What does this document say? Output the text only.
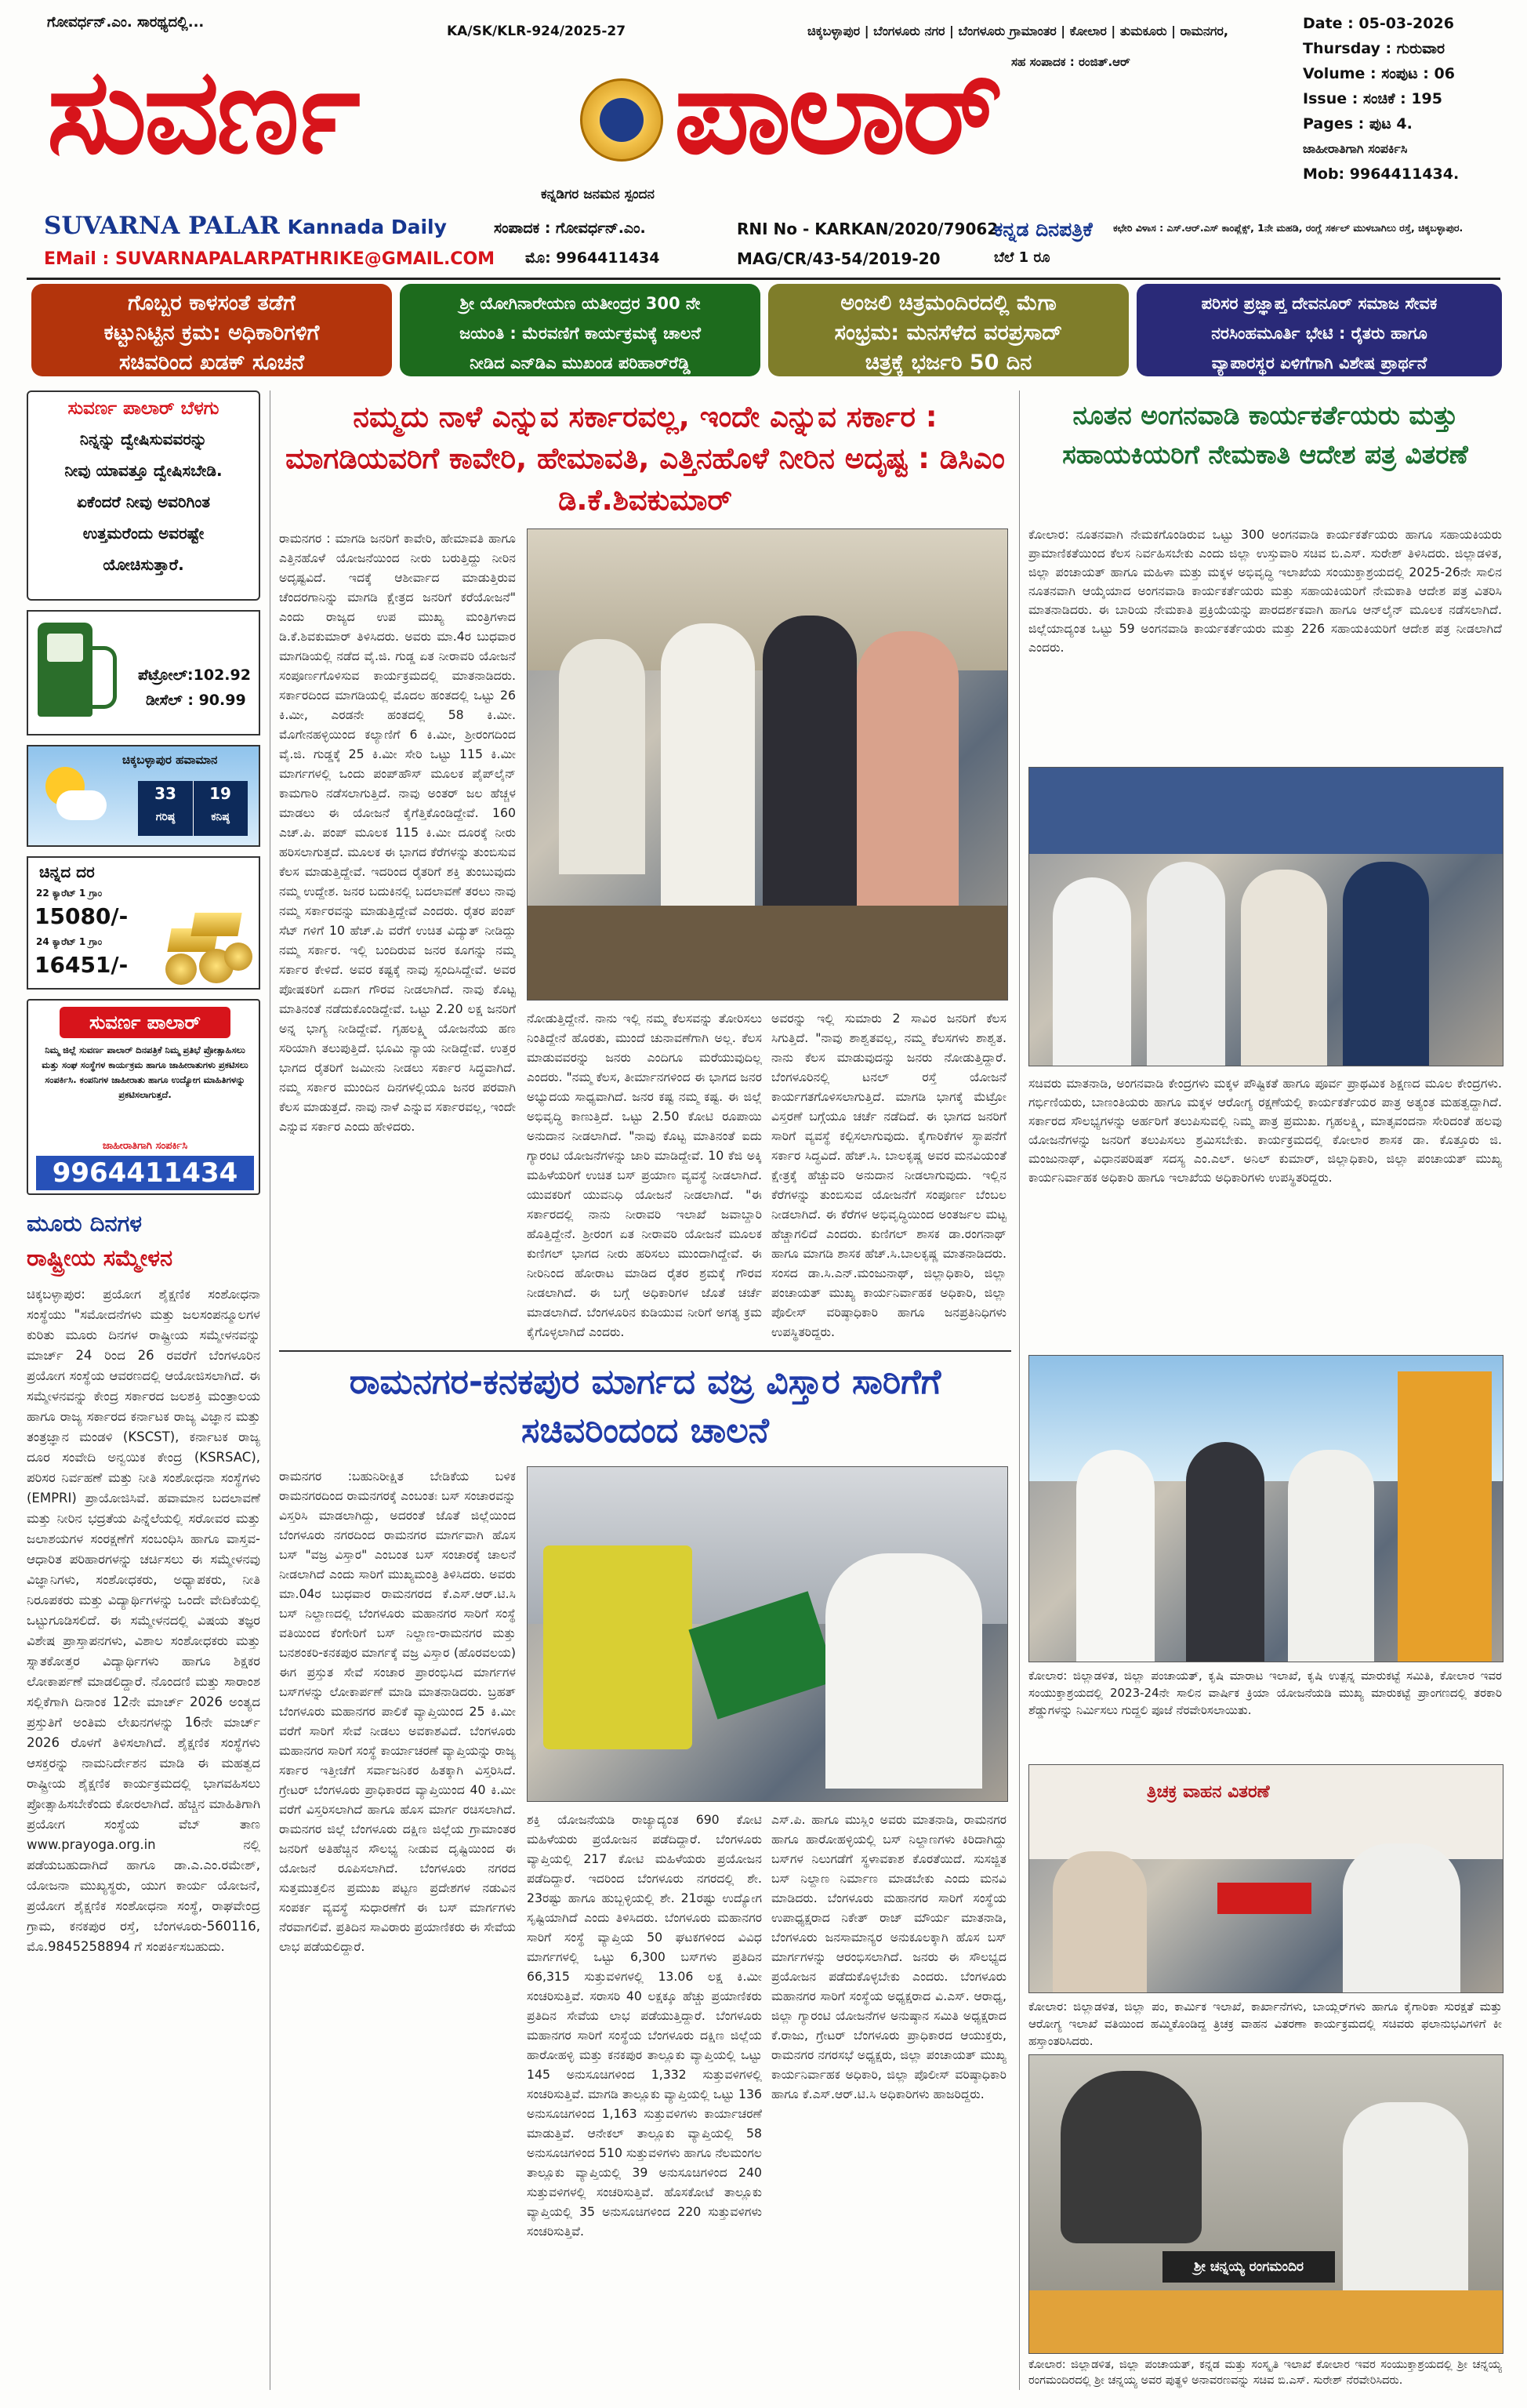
ಗೋವರ್ಧನ್.ಎಂ. ಸಾರಥ್ಯದಲ್ಲಿ...
KA/SK/KLR-924/2025-27	ಚಿಕ್ಕಬಳ್ಳಾಪುರ | ಬೆಂಗಳೂರು ನಗರ | ಬೆಂಗಳೂರು ಗ್ರಾಮಾಂತರ | ಕೋಲಾರ | ತುಮಕೂರು | ರಾಮನಗರ,
ಸಹ ಸಂಪಾದಕ : ರಂಜಿತ್.ಆರ್
ಸುವರ್ಣ	ಪಾಲಾರ್
ಕನ್ನಡಿಗರ ಜನಮನ ಸ್ಪಂದನ
Date : 05-03-2026
Thursday : ಗುರುವಾರ
Volume : ಸಂಪುಟ : 06
Issue : ಸಂಚಿಕೆ : 195
Pages : ಪುಟ 4.
ಜಾಹೀರಾತಿಗಾಗಿ ಸಂಪರ್ಕಿಸಿ
Mob: 9964411434.
SUVARNA PALAR Kannada Daily
EMail : SUVARNAPALARPATHRIKE@GMAIL.COM
ಸಂಪಾದಕ : ಗೋವರ್ಧನ್.ಎಂ.
ಮೊ: 9964411434
RNI No - KARKAN/2020/79062
MAG/CR/43-54/2019-20
ಕನ್ನಡ ದಿನಪತ್ರಿಕೆ
ಬೆಲೆ 1 ರೂ
ಕಛೇರಿ ವಿಳಾಸ : ಎಸ್.ಆರ್.ಎಸ್ ಕಾಂಪ್ಲೆಕ್ಸ್, 1ನೇ ಮಹಡಿ, ರಂಗ್ಲೆ ಸರ್ಕಲ್ ಮುಳಬಾಗಿಲು ರಸ್ತೆ, ಚಿಕ್ಕಬಳ್ಳಾಪುರ.
ಗೊಬ್ಬರ ಕಾಳಸಂತೆ ತಡೆಗೆ
ಕಟ್ಟುನಿಟ್ಟಿನ ಕ್ರಮ: ಅಧಿಕಾರಿಗಳಿಗೆ
ಸಚಿವರಿಂದ ಖಡಕ್ ಸೂಚನೆ
ಶ್ರೀ ಯೋಗಿನಾರೇಯಣ ಯತೀಂದ್ರರ 300 ನೇ
ಜಯಂತಿ : ಮೆರವಣಿಗೆ ಕಾರ್ಯಕ್ರಮಕ್ಕೆ ಚಾಲನೆ
ನೀಡಿದ ಎನ್‌ಡಿಎ ಮುಖಂಡ ಪರಿಹಾರ್‌ರೆಡ್ಡಿ
ಅಂಜಲಿ ಚಿತ್ರಮಂದಿರದಲ್ಲಿ ಮೆಗಾ
ಸಂಭ್ರಮ: ಮನಸೆಳೆದ ವರಪ್ರಸಾದ್
ಚಿತ್ರಕ್ಕೆ ಭರ್ಜರಿ 50 ದಿನ
ಪರಿಸರ ಪ್ರಜ್ಞಾಪ್ತ ದೇವನೂರ್ ಸಮಾಜ ಸೇವಕ
ನರಸಿಂಹಮೂರ್ತಿ ಭೇಟಿ : ರೈತರು ಹಾಗೂ
ವ್ಯಾಪಾರಸ್ಥರ ಏಳಿಗೆಗಾಗಿ ವಿಶೇಷ ಪ್ರಾರ್ಥನೆ
ಸುವರ್ಣ ಪಾಲಾರ್ ಬೆಳಗು
ನಿನ್ನನ್ನು ದ್ವೇಷಿಸುವವರನ್ನು
ನೀವು ಯಾವತ್ತೂ ದ್ವೇಷಿಸಬೇಡಿ.
ಏಕೆಂದರೆ ನೀವು ಅವರಿಗಿಂತ
ಉತ್ತಮರೆಂದು ಅವರಷ್ಟೇ
ಯೋಚಿಸುತ್ತಾರೆ.
ಪೆಟ್ರೋಲ್:102.92
ಡೀಸೆಲ್ : 90.99
ಚಿಕ್ಕಬಳ್ಳಾಪುರ ಹವಾಮಾನ
33	19
ಗರಿಷ್ಠ	ಕನಿಷ್ಠ
ಚಿನ್ನದ ದರ
22 ಕ್ಯಾರೆಟ್ 1 ಗ್ರಾಂ
15080/-
24 ಕ್ಯಾರೆಟ್ 1 ಗ್ರಾಂ
16451/-
ಸುವರ್ಣ ಪಾಲಾರ್
ನಿಮ್ಮ ಜಿಲ್ಲೆ ಸುವರ್ಣ ಪಾಲಾರ್ ದಿನಪತ್ರಿಕೆ ನಿಮ್ಮ ಪ್ರತಿಭೆ ಪ್ರೋತ್ಸಾಹಿಸಲು ಮತ್ತು ಸಂಘ ಸಂಸ್ಥೆಗಳ ಕಾರ್ಯಕ್ರಮ ಹಾಗೂ ಜಾಹೀರಾತುಗಳು ಪ್ರಕಟಿಸಲು ಸಂಪರ್ಕಿಸಿ. ಕಂಪನಿಗಳ ಜಾಹೀರಾತು ಹಾಗೂ ಉದ್ಯೋಗ ಮಾಹಿತಿಗಳನ್ನು ಪ್ರಕಟಿಸಲಾಗುತ್ತದೆ.
ಜಾಹೀರಾತಿಗಾಗಿ ಸಂಪರ್ಕಿಸಿ
9964411434
ಮೂರು ದಿನಗಳ
ರಾಷ್ಟ್ರೀಯ ಸಮ್ಮೇಳನ
ಚಿಕ್ಕಬಳ್ಳಾಪುರ: ಪ್ರಯೋಗ ಶೈಕ್ಷಣಿಕ ಸಂಶೋಧನಾ ಸಂಸ್ಥೆಯು "ಸಮೋದನೆಗಳು ಮತ್ತು ಜಲಸಂಪನ್ಮೂಲಗಳ ಕುರಿತು ಮೂರು ದಿನಗಳ ರಾಷ್ಟ್ರೀಯ ಸಮ್ಮೇಳನವನ್ನು ಮಾರ್ಚ್ 24 ರಿಂದ 26 ರವರೆಗೆ ಬೆಂಗಳೂರಿನ ಪ್ರಯೋಗ ಸಂಸ್ಥೆಯ ಆವರಣದಲ್ಲಿ ಆಯೋಜಿಸಲಾಗಿದೆ. ಈ ಸಮ್ಮೇಳನವನ್ನು ಕೇಂದ್ರ ಸರ್ಕಾರದ ಜಲಶಕ್ತಿ ಮಂತ್ರಾಲಯ ಹಾಗೂ ರಾಜ್ಯ ಸರ್ಕಾರದ ಕರ್ನಾಟಕ ರಾಜ್ಯ ವಿಜ್ಞಾನ ಮತ್ತು ತಂತ್ರಜ್ಞಾನ ಮಂಡಳಿ (KSCST), ಕರ್ನಾಟಕ ರಾಜ್ಯ ದೂರ ಸಂವೇದಿ ಅನ್ವಯಿಕ ಕೇಂದ್ರ (KSRSAC), ಪರಿಸರ ನಿರ್ವಹಣೆ ಮತ್ತು ನೀತಿ ಸಂಶೋಧನಾ ಸಂಸ್ಥೆಗಳು (EMPRI) ಪ್ರಾಯೋಜಿಸಿವೆ. ಹವಾಮಾನ ಬದಲಾವಣೆ ಮತ್ತು ನೀರಿನ ಭದ್ರತೆಯ ಪಿನ್ನೆಲೆಯಲ್ಲಿ ಸರೋವರ ಮತ್ತು ಜಲಾಶಯಗಳ ಸಂರಕ್ಷಣೆಗೆ ಸಂಬಂಧಿಸಿ ಹಾಗೂ ವಾಸ್ತವ-ಆಧಾರಿತ ಪರಿಹಾರಗಳನ್ನು ಚರ್ಚಿಸಲು ಈ ಸಮ್ಮೇಳನವು ವಿಜ್ಞಾನಿಗಳು, ಸಂಶೋಧಕರು, ಅಧ್ಯಾಪಕರು, ನೀತಿ ನಿರೂಪಕರು ಮತ್ತು ವಿದ್ಯಾರ್ಥಿಗಳನ್ನು ಒಂದೇ ವೇದಿಕೆಯಲ್ಲಿ ಒಟ್ಟುಗೂಡಿಸಲಿದೆ. ಈ ಸಮ್ಮೇಳನದಲ್ಲಿ ವಿಷಯ ತಜ್ಞರ ವಿಶೇಷ ಪ್ರಾಸ್ತಾಪನಗಳು, ವಿಶಾಲ ಸಂಶೋಧಕರು ಮತ್ತು ಸ್ನಾತಕೋತ್ತರ ವಿದ್ಯಾರ್ಥಿಗಳು ಹಾಗೂ ಶಿಕ್ಷಕರ ಲೋಕಾರ್ಪಣೆ ಮಾಡಲಿದ್ದಾರೆ. ನೊಂದಣಿ ಮತ್ತು ಸಾರಾಂಶ ಸಲ್ಲಿಕೆಗಾಗಿ ದಿನಾಂಕ 12ನೇ ಮಾರ್ಚ್ 2026 ಅಂತ್ಯದ ಪ್ರಸ್ತುತಿಗೆ ಅಂತಿಮ ಲೇಖನಗಳನ್ನು 16ನೇ ಮಾರ್ಚ್ 2026 ರೊಳಗೆ ತಿಳಿಸಲಾಗಿದೆ. ಶೈಕ್ಷಣಿಕ ಸಂಸ್ಥೆಗಳು ಆಸಕ್ತರನ್ನು ನಾಮನಿರ್ದೇಶನ ಮಾಡಿ ಈ ಮಹತ್ವದ ರಾಷ್ಟ್ರೀಯ ಶೈಕ್ಷಣಿಕ ಕಾರ್ಯಕ್ರಮದಲ್ಲಿ ಭಾಗವಹಿಸಲು ಪ್ರೋತ್ಸಾಹಿಸಬೇಕೆಂದು ಕೋರಲಾಗಿದೆ. ಹೆಚ್ಚಿನ ಮಾಹಿತಿಗಾಗಿ ಪ್ರಯೋಗ ಸಂಸ್ಥೆಯ ವೆಬ್ ತಾಣ www.prayoga.org.in ನಲ್ಲಿ ಪಡೆಯಬಹುದಾಗಿದೆ ಹಾಗೂ ಡಾ.ಎ.ಎಂ.ರಮೇಶ್, ಯೋಜನಾ ಮುಖ್ಯಸ್ಥರು, ಯುಗ ಕಾರ್ಯ ಯೋಜನೆ, ಪ್ರಯೋಗ ಶೈಕ್ಷಣಿಕ ಸಂಶೋಧನಾ ಸಂಸ್ಥೆ, ರಾಘವೇಂದ್ರ ಗ್ರಾಮ, ಕನಕಪುರ ರಸ್ತೆ, ಬೆಂಗಳೂರು-560116, ಮೊ.9845258894 ಗೆ ಸಂಪರ್ಕಿಸಬಹುದು.
ನಮ್ಮದು ನಾಳೆ ಎನ್ನುವ ಸರ್ಕಾರವಲ್ಲ, ಇಂದೇ ಎನ್ನುವ ಸರ್ಕಾರ : ಮಾಗಡಿಯವರಿಗೆ ಕಾವೇರಿ, ಹೇಮಾವತಿ, ಎತ್ತಿನಹೊಳೆ ನೀರಿನ ಅದೃಷ್ಟ : ಡಿಸಿಎಂ ಡಿ.ಕೆ.ಶಿವಕುಮಾರ್
ರಾಮನಗರ : ಮಾಗಡಿ ಜನರಿಗೆ ಕಾವೇರಿ, ಹೇಮಾವತಿ ಹಾಗೂ ಎತ್ತಿನಹೊಳೆ ಯೋಜನೆಯಿಂದ ನೀರು ಬರುತ್ತಿದ್ದು ನೀರಿನ ಅದೃಷ್ಟವಿದೆ. ಇದಕ್ಕೆ ಆಶೀರ್ವಾದ ಮಾಡುತ್ತಿರುವ ಚೆಂದರಗಾನಿನ್ನು ಮಾಗಡಿ ಕ್ಷೇತ್ರದ ಜನರಿಗೆ ಕರೆಯೋಜನೆ" ಎಂದು ರಾಜ್ಯದ ಉಪ ಮುಖ್ಯ ಮಂತ್ರಿಗಳಾದ ಡಿ.ಕೆ.ಶಿವಕುಮಾರ್ ತಿಳಿಸಿದರು. ಅವರು ಮಾ.4ರ ಬುಧವಾರ ಮಾಗಡಿಯಲ್ಲಿ ನಡೆದ ವೈ.ಜಿ. ಗುಡ್ಡ ಏತ ನೀರಾವರಿ ಯೋಜನೆ ಸಂಪೂರ್ಣಗೊಳಿಸುವ ಕಾರ್ಯಕ್ರಮದಲ್ಲಿ ಮಾತನಾಡಿದರು. ಸರ್ಕಾರದಿಂದ ಮಾಗಡಿಯಲ್ಲಿ ಮೊದಲ ಹಂತದಲ್ಲಿ ಒಟ್ಟು 26 ಕಿ.ಮೀ, ಎರಡನೇ ಹಂತದಲ್ಲಿ 58 ಕಿ.ಮೀ. ಮೊಗೇನಹಳ್ಳಿಯಿಂದ ಕಲ್ಯಾಣಿಗೆ 6 ಕಿ.ಮೀ, ಶ್ರೀರಂಗದಿಂದ ವೈ.ಜಿ. ಗುಡ್ಡಕ್ಕೆ 25 ಕಿ.ಮೀ ಸೇರಿ ಒಟ್ಟು 115 ಕಿ.ಮೀ ಮಾರ್ಗಗಳಲ್ಲಿ ಒಂದು ಪಂಪ್‌ಹೌಸ್ ಮೂಲಕ ಪೈಪ್‌ಲೈನ್ ಕಾಮಗಾರಿ ನಡೆಸಲಾಗುತ್ತಿದೆ. ನಾವು ಅಂತರ್ ಜಲ ಹೆಚ್ಚಳ ಮಾಡಲು ಈ ಯೋಜನೆ ಕೈಗೆತ್ತಿಕೊಂಡಿದ್ದೇವೆ. 160 ಎಚ್.ಪಿ. ಪಂಪ್ ಮೂಲಕ 115 ಕಿ.ಮೀ ದೂರಕ್ಕೆ ನೀರು ಹರಿಸಲಾಗುತ್ತದೆ. ಮೂಲಕ ಈ ಭಾಗದ ಕೆರೆಗಳನ್ನು ತುಂಬಿಸುವ ಕೆಲಸ ಮಾಡುತ್ತಿದ್ದೇವೆ. ಇದರಿಂದ ರೈತರಿಗೆ ಶಕ್ತಿ ತುಂಬುವುದು ನಮ್ಮ ಉದ್ದೇಶ. ಜನರ ಬದುಕಿನಲ್ಲಿ ಬದಲಾವಣೆ ತರಲು ನಾವು ನಮ್ಮ ಸರ್ಕಾರವನ್ನು ಮಾಡುತ್ತಿದ್ದೇವೆ ಎಂದರು. ರೈತರ ಪಂಪ್ ಸೆಟ್ ಗಳಿಗೆ 10 ಹೆಚ್.ಪಿ ವರೆಗೆ ಉಚಿತ ವಿದ್ಯುತ್ ನೀಡಿದ್ದು ನಮ್ಮ ಸರ್ಕಾರ. ಇಲ್ಲಿ ಬಂದಿರುವ ಜನರ ಕೂಗನ್ನು ನಮ್ಮ ಸರ್ಕಾರ ಕೇಳಿದೆ. ಅವರ ಕಷ್ಟಕ್ಕೆ ನಾವು ಸ್ಪಂದಿಸಿದ್ದೇವೆ. ಅವರ ಪೋಷಕರಿಗೆ ಏದಾಗ ಗೌರವ ನೀಡಲಾಗಿದೆ. ನಾವು ಕೊಟ್ಟ ಮಾತಿನಂತೆ ನಡೆದುಕೊಂಡಿದ್ದೇವೆ. ಒಟ್ಟು 2.20 ಲಕ್ಷ ಜನರಿಗೆ ಅನ್ನ ಭಾಗ್ಯ ನೀಡಿದ್ದೇವೆ. ಗೃಹಲಕ್ಷ್ಮಿ ಯೋಜನೆಯ ಹಣ ಸರಿಯಾಗಿ ತಲುಪುತ್ತಿದೆ. ಭೂಮಿ ನ್ಯಾಯ ನೀಡಿದ್ದೇವೆ. ಉತ್ತರ ಭಾಗದ ರೈತರಿಗೆ ಜಮೀನು ನೀಡಲು ಸರ್ಕಾರ ಸಿದ್ಧವಾಗಿದೆ. ನಮ್ಮ ಸರ್ಕಾರ ಮುಂದಿನ ದಿನಗಳಲ್ಲಿಯೂ ಜನರ ಪರವಾಗಿ ಕೆಲಸ ಮಾಡುತ್ತದೆ. ನಾವು ನಾಳೆ ಎನ್ನುವ ಸರ್ಕಾರವಲ್ಲ, ಇಂದೇ ಎನ್ನುವ ಸರ್ಕಾರ ಎಂದು ಹೇಳಿದರು.
ನೋಡುತ್ತಿದ್ದೇನೆ. ನಾನು ಇಲ್ಲಿ ನಮ್ಮ ಕೆಲಸವನ್ನು ತೋರಿಸಲು ನಿಂತಿದ್ದೇನೆ ಹೊರತು, ಮುಂದೆ ಚುನಾವಣೆಗಾಗಿ ಅಲ್ಲ. ಕೆಲಸ ಮಾಡುವವರನ್ನು ಜನರು ಎಂದಿಗೂ ಮರೆಯುವುದಿಲ್ಲ ಎಂದರು. "ನಮ್ಮ ಕೆಲಸ, ತೀರ್ಮಾನಗಳಿಂದ ಈ ಭಾಗದ ಜನರ ಅಭ್ಯುದಯ ಸಾಧ್ಯವಾಗಿದೆ. ಜನರ ಕಷ್ಟ ನಮ್ಮ ಕಷ್ಟ. ಈ ಜಿಲ್ಲೆ ಅಭಿವೃದ್ಧಿ ಕಾಣುತ್ತಿದೆ. ಒಟ್ಟು 2.50 ಕೋಟಿ ರೂಪಾಯಿ ಅನುದಾನ ನೀಡಲಾಗಿದೆ. "ನಾವು ಕೊಟ್ಟ ಮಾತಿನಂತೆ ಐದು ಗ್ಯಾರಂಟಿ ಯೋಜನೆಗಳನ್ನು ಜಾರಿ ಮಾಡಿದ್ದೇವೆ. 10 ಕೆಜಿ ಅಕ್ಕಿ ಮಹಿಳೆಯರಿಗೆ ಉಚಿತ ಬಸ್ ಪ್ರಯಾಣ ವ್ಯವಸ್ಥೆ ನೀಡಲಾಗಿದೆ. ಯುವಕರಿಗೆ ಯುವನಿಧಿ ಯೋಜನೆ ನೀಡಲಾಗಿದೆ. "ಈ ಸರ್ಕಾರದಲ್ಲಿ ನಾನು ನೀರಾವರಿ ಇಲಾಖೆ ಜವಾಬ್ದಾರಿ ಹೊತ್ತಿದ್ದೇನೆ. ಶ್ರೀರಂಗ ಏತ ನೀರಾವರಿ ಯೋಜನೆ ಮೂಲಕ ಕುಣಿಗಲ್ ಭಾಗದ ನೀರು ಹರಿಸಲು ಮುಂದಾಗಿದ್ದೇವೆ. ಈ ನೀರಿನಿಂದ ಹೋರಾಟ ಮಾಡಿದ ರೈತರ ಶ್ರಮಕ್ಕೆ ಗೌರವ ನೀಡಲಾಗಿದೆ. ಈ ಬಗ್ಗೆ ಅಧಿಕಾರಿಗಳ ಜೊತೆ ಚರ್ಚೆ ಮಾಡಲಾಗಿದೆ. ಬೆಂಗಳೂರಿನ ಕುಡಿಯುವ ನೀರಿಗೆ ಅಗತ್ಯ ಕ್ರಮ ಕೈಗೊಳ್ಳಲಾಗಿದೆ ಎಂದರು.
ಅವರನ್ನು ಇಲ್ಲಿ ಸುಮಾರು 2 ಸಾವಿರ ಜನರಿಗೆ ಕೆಲಸ ಸಿಗುತ್ತಿದೆ. "ನಾವು ಶಾಶ್ವತವಲ್ಲ, ನಮ್ಮ ಕೆಲಸಗಳು ಶಾಶ್ವತ. ನಾನು ಕೆಲಸ ಮಾಡುವುದನ್ನು ಜನರು ನೋಡುತ್ತಿದ್ದಾರೆ. ಬೆಂಗಳೂರಿನಲ್ಲಿ ಟನಲ್ ರಸ್ತೆ ಯೋಜನೆ ಕಾರ್ಯಗತಗೊಳಿಸಲಾಗುತ್ತಿದೆ. ಮಾಗಡಿ ಭಾಗಕ್ಕೆ ಮೆಟ್ರೋ ವಿಸ್ತರಣೆ ಬಗ್ಗೆಯೂ ಚರ್ಚೆ ನಡೆದಿದೆ. ಈ ಭಾಗದ ಜನರಿಗೆ ಸಾರಿಗೆ ವ್ಯವಸ್ಥೆ ಕಲ್ಪಿಸಲಾಗುವುದು. ಕೈಗಾರಿಕೆಗಳ ಸ್ಥಾಪನೆಗೆ ಸರ್ಕಾರ ಸಿದ್ಧವಿದೆ. ಹೆಚ್.ಸಿ. ಬಾಲಕೃಷ್ಣ ಅವರ ಮನವಿಯಂತೆ ಕ್ಷೇತ್ರಕ್ಕೆ ಹೆಚ್ಚುವರಿ ಅನುದಾನ ನೀಡಲಾಗುವುದು. ಇಲ್ಲಿನ ಕೆರೆಗಳನ್ನು ತುಂಬಿಸುವ ಯೋಜನೆಗೆ ಸಂಪೂರ್ಣ ಬೆಂಬಲ ನೀಡಲಾಗಿದೆ. ಈ ಕೆರೆಗಳ ಅಭಿವೃದ್ಧಿಯಿಂದ ಅಂತರ್ಜಲ ಮಟ್ಟ ಹೆಚ್ಚಾಗಲಿದೆ ಎಂದರು. ಕುಣಿಗಲ್ ಶಾಸಕ ಡಾ.ರಂಗನಾಥ್ ಹಾಗೂ ಮಾಗಡಿ ಶಾಸಕ ಹೆಚ್.ಸಿ.ಬಾಲಕೃಷ್ಣ ಮಾತನಾಡಿದರು. ಸಂಸದ ಡಾ.ಸಿ.ಎನ್.ಮಂಜುನಾಥ್, ಜಿಲ್ಲಾಧಿಕಾರಿ, ಜಿಲ್ಲಾ ಪಂಚಾಯತ್ ಮುಖ್ಯ ಕಾರ್ಯನಿರ್ವಾಹಕ ಅಧಿಕಾರಿ, ಜಿಲ್ಲಾ ಪೊಲೀಸ್ ವರಿಷ್ಠಾಧಿಕಾರಿ ಹಾಗೂ ಜನಪ್ರತಿನಿಧಿಗಳು ಉಪಸ್ಥಿತರಿದ್ದರು.
ರಾಮನಗರ-ಕನಕಪುರ ಮಾರ್ಗದ ವಜ್ರ ವಿಸ್ತಾರ ಸಾರಿಗೆಗೆ ಸಚಿವರಿಂದಂದ ಚಾಲನೆ
ರಾಮನಗರ :ಬಹುನಿರೀಕ್ಷಿತ ಬೇಡಿಕೆಯ ಬಳಿಕ ರಾಮನಗರದಿಂದ ರಾಮನಗರಕ್ಕೆ ಎಂಬಂತಃ ಬಸ್ ಸಂಚಾರವನ್ನು ವಿಸ್ತರಿಸಿ ಮಾಡಲಾಗಿದ್ದು, ಅದರಂತೆ ಜೊತೆ ಜಿಲ್ಲೆಯಿಂದ ಬೆಂಗಳೂರು ನಗರದಿಂದ ರಾಮನಗರ ಮಾರ್ಗವಾಗಿ ಹೊಸ ಬಸ್ "ವಜ್ರ ವಿಸ್ತಾರ" ಎಂಬಂತ ಬಸ್ ಸಂಚಾರಕ್ಕೆ ಚಾಲನೆ ನೀಡಲಾಗಿದೆ ಎಂದು ಸಾರಿಗೆ ಮುಖ್ಯಮಂತ್ರಿ ತಿಳಿಸಿದರು. ಅವರು ಮಾ.04ರ ಬುಧವಾರ ರಾಮನಗರದ ಕೆ.ಎಸ್.ಆರ್.ಟಿ.ಸಿ ಬಸ್ ನಿಲ್ದಾಣದಲ್ಲಿ ಬೆಂಗಳೂರು ಮಹಾನಗರ ಸಾರಿಗೆ ಸಂಸ್ಥೆ ವತಿಯಿಂದ ಕೆಂಗೇರಿಗೆ ಬಸ್ ನಿಲ್ದಾಣ-ರಾಮನಗರ ಮತ್ತು ಬನಶಂಕರಿ-ಕನಕಪುರ ಮಾರ್ಗಕ್ಕೆ ವಜ್ರ ವಿಸ್ತಾರ (ಹೊರವಲಯ) ಈಗ ಪ್ರಸ್ತುತ ಸೇವೆ ಸಂಚಾರ ಪ್ರಾರಂಭಿಸಿದ ಮಾರ್ಗಗಳ ಬಸ್‌ಗಳನ್ನು ಲೋಕಾರ್ಪಣೆ ಮಾಡಿ ಮಾತನಾಡಿದರು. ಬ್ರಹತ್ ಬೆಂಗಳೂರು ಮಹಾನಗರ ಪಾಲಿಕೆ ವ್ಯಾಪ್ತಿಯಿಂದ 25 ಕಿ.ಮೀ ವರೆಗೆ ಸಾರಿಗೆ ಸೇವೆ ನೀಡಲು ಅವಕಾಶವಿದೆ. ಬೆಂಗಳೂರು ಮಹಾನಗರ ಸಾರಿಗೆ ಸಂಸ್ಥೆ ಕಾರ್ಯಾಚರಣೆ ವ್ಯಾಪ್ತಿಯನ್ನು ರಾಜ್ಯ ಸರ್ಕಾರ ಇತ್ತೀಚೆಗೆ ಸರ್ವಾಜನಿಕರ ಹಿತಕ್ಕಾಗಿ ವಿಸ್ತರಿಸಿದೆ. ಗ್ರೇಟರ್ ಬೆಂಗಳೂರು ಪ್ರಾಧಿಕಾರದ ವ್ಯಾಪ್ತಿಯಿಂದ 40 ಕಿ.ಮೀ ವರೆಗೆ ವಿಸ್ತರಿಸಲಾಗಿದೆ ಹಾಗೂ ಹೊಸ ಮಾರ್ಗ ರಚಿಸಲಾಗಿದೆ. ರಾಮನಗರ ಜಿಲ್ಲೆ ಬೆಂಗಳೂರು ದಕ್ಷಿಣ ಜಿಲ್ಲೆಯ ಗ್ರಾಮಾಂತರ ಜನರಿಗೆ ಅತಿಹೆಚ್ಚಿನ ಸೌಲಭ್ಯ ನೀಡುವ ದೃಷ್ಟಿಯಿಂದ ಈ ಯೋಜನೆ ರೂಪಿಸಲಾಗಿದೆ. ಬೆಂಗಳೂರು ನಗರದ ಸುತ್ತಮುತ್ತಲಿನ ಪ್ರಮುಖ ಪಟ್ಟಣ ಪ್ರದೇಶಗಳ ನಡುವಿನ ಸಂಪರ್ಕ ವ್ಯವಸ್ಥೆ ಸುಧಾರಣೆಗೆ ಈ ಬಸ್ ಮಾರ್ಗಗಳು ನೆರವಾಗಲಿವೆ. ಪ್ರತಿದಿನ ಸಾವಿರಾರು ಪ್ರಯಾಣಿಕರು ಈ ಸೇವೆಯ ಲಾಭ ಪಡೆಯಲಿದ್ದಾರೆ.
ಶಕ್ತಿ ಯೋಜನೆಯಡಿ ರಾಜ್ಯಾದ್ಯಂತ 690 ಕೋಟಿ ಮಹಿಳೆಯರು ಪ್ರಯೋಜನ ಪಡೆದಿದ್ದಾರೆ. ಬೆಂಗಳೂರು ವ್ಯಾಪ್ತಿಯಲ್ಲಿ 217 ಕೋಟಿ ಮಹಿಳೆಯರು ಪ್ರಯೋಜನ ಪಡೆದಿದ್ದಾರೆ. ಇದರಿಂದ ಬೆಂಗಳೂರು ನಗರದಲ್ಲಿ ಶೇ. 23ರಷ್ಟು ಹಾಗೂ ಹುಬ್ಬಳ್ಳಿಯಲ್ಲಿ ಶೇ. 21ರಷ್ಟು ಉದ್ಯೋಗ ಸೃಷ್ಟಿಯಾಗಿದೆ ಎಂದು ತಿಳಿಸಿದರು. ಬೆಂಗಳೂರು ಮಹಾನಗರ ಸಾರಿಗೆ ಸಂಸ್ಥೆ ವ್ಯಾಪ್ತಿಯ 50 ಘಟಕಗಳಿಂದ ವಿವಿಧ ಮಾರ್ಗಗಳಲ್ಲಿ ಒಟ್ಟು 6,300 ಬಸ್‌ಗಳು ಪ್ರತಿದಿನ 66,315 ಸುತ್ತುವಳಿಗಳಲ್ಲಿ 13.06 ಲಕ್ಷ ಕಿ.ಮೀ ಸಂಚರಿಸುತ್ತಿವೆ. ಸರಾಸರಿ 40 ಲಕ್ಷಕ್ಕೂ ಹೆಚ್ಚು ಪ್ರಯಾಣಿಕರು ಪ್ರತಿದಿನ ಸೇವೆಯ ಲಾಭ ಪಡೆಯುತ್ತಿದ್ದಾರೆ. ಬೆಂಗಳೂರು ಮಹಾನಗರ ಸಾರಿಗೆ ಸಂಸ್ಥೆಯ ಬೆಂಗಳೂರು ದಕ್ಷಿಣ ಜಿಲ್ಲೆಯ ಹಾರೋಹಳ್ಳಿ ಮತ್ತು ಕನಕಪುರ ತಾಲ್ಲೂಕು ವ್ಯಾಪ್ತಿಯಲ್ಲಿ ಒಟ್ಟು 145 ಅನುಸೂಚಿಗಳಿಂದ 1,332 ಸುತ್ತುವಳಿಗಳಲ್ಲಿ ಸಂಚರಿಸುತ್ತಿವೆ. ಮಾಗಡಿ ತಾಲ್ಲೂಕು ವ್ಯಾಪ್ತಿಯಲ್ಲಿ ಒಟ್ಟು 136 ಅನುಸೂಚಿಗಳಿಂದ 1,163 ಸುತ್ತುವಳಿಗಳು ಕಾರ್ಯಾಚರಣೆ ಮಾಡುತ್ತಿವೆ. ಆನೇಕಲ್ ತಾಲ್ಲೂಕು ವ್ಯಾಪ್ತಿಯಲ್ಲಿ 58 ಅನುಸೂಚಿಗಳಿಂದ 510 ಸುತ್ತುವಳಿಗಳು ಹಾಗೂ ನೆಲಮಂಗಲ ತಾಲ್ಲೂಕು ವ್ಯಾಪ್ತಿಯಲ್ಲಿ 39 ಅನುಸೂಚಿಗಳಿಂದ 240 ಸುತ್ತುವಳಿಗಳಲ್ಲಿ ಸಂಚರಿಸುತ್ತಿವೆ. ಹೊಸಕೋಟೆ ತಾಲ್ಲೂಕು ವ್ಯಾಪ್ತಿಯಲ್ಲಿ 35 ಅನುಸೂಚಿಗಳಿಂದ 220 ಸುತ್ತುವಳಿಗಳು ಸಂಚರಿಸುತ್ತಿವೆ.
ಎಸ್.ಪಿ. ಹಾಗೂ ಮುಸ್ಲಿಂ ಅವರು ಮಾತನಾಡಿ, ರಾಮನಗರ ಹಾಗೂ ಹಾರೋಹಳ್ಳಿಯಲ್ಲಿ ಬಸ್ ನಿಲ್ದಾಣಗಳು ಕಿರಿದಾಗಿದ್ದು ಬಸ್‌ಗಳ ನಿಲುಗಡೆಗೆ ಸ್ಥಳಾವಕಾಶ ಕೊರತೆಯಿದೆ. ಸುಸಜ್ಜಿತ ಬಸ್ ನಿಲ್ದಾಣ ನಿರ್ಮಾಣ ಮಾಡಬೇಕು ಎಂದು ಮನವಿ ಮಾಡಿದರು. ಬೆಂಗಳೂರು ಮಹಾನಗರ ಸಾರಿಗೆ ಸಂಸ್ಥೆಯ ಉಪಾಧ್ಯಕ್ಷರಾದ ನಿಕೇತ್ ರಾಜ್ ಮೌರ್ಯ ಮಾತನಾಡಿ, ಬೆಂಗಳೂರು ಜನಸಾಮಾನ್ಯರ ಅನುಕೂಲಕ್ಕಾಗಿ ಹೊಸ ಬಸ್ ಮಾರ್ಗಗಳನ್ನು ಆರಂಭಿಸಲಾಗಿದೆ. ಜನರು ಈ ಸೌಲಭ್ಯದ ಪ್ರಯೋಜನ ಪಡೆದುಕೊಳ್ಳಬೇಕು ಎಂದರು. ಬೆಂಗಳೂರು ಮಹಾನಗರ ಸಾರಿಗೆ ಸಂಸ್ಥೆಯ ಅಧ್ಯಕ್ಷರಾದ ವಿ.ಎಸ್. ಆರಾಧ್ಯ, ಜಿಲ್ಲಾ ಗ್ಯಾರಂಟಿ ಯೋಜನೆಗಳ ಅನುಷ್ಠಾನ ಸಮಿತಿ ಅಧ್ಯಕ್ಷರಾದ ಕೆ.ರಾಜು, ಗ್ರೇಟರ್ ಬೆಂಗಳೂರು ಪ್ರಾಧಿಕಾರದ ಆಯುಕ್ತರು, ರಾಮನಗರ ನಗರಸಭೆ ಅಧ್ಯಕ್ಷರು, ಜಿಲ್ಲಾ ಪಂಚಾಯತ್ ಮುಖ್ಯ ಕಾರ್ಯನಿರ್ವಾಹಕ ಅಧಿಕಾರಿ, ಜಿಲ್ಲಾ ಪೊಲೀಸ್ ವರಿಷ್ಠಾಧಿಕಾರಿ ಹಾಗೂ ಕೆ.ಎಸ್.ಆರ್.ಟಿ.ಸಿ ಅಧಿಕಾರಿಗಳು ಹಾಜರಿದ್ದರು.
ನೂತನ ಅಂಗನವಾಡಿ ಕಾರ್ಯಕರ್ತೆಯರು ಮತ್ತು ಸಹಾಯಕಿಯರಿಗೆ ನೇಮಕಾತಿ ಆದೇಶ ಪತ್ರ ವಿತರಣೆ
ಕೋಲಾರ: ನೂತನವಾಗಿ ನೇಮಕಗೊಂಡಿರುವ ಒಟ್ಟು 300 ಅಂಗನವಾಡಿ ಕಾರ್ಯಕರ್ತೆಯರು ಹಾಗೂ ಸಹಾಯಕಿಯರು ಪ್ರಾಮಾಣಿಕತೆಯಿಂದ ಕೆಲಸ ನಿರ್ವಹಿಸಬೇಕು ಎಂದು ಜಿಲ್ಲಾ ಉಸ್ತುವಾರಿ ಸಚಿವ ಬಿ.ಎಸ್. ಸುರೇಶ್ ತಿಳಿಸಿದರು. ಜಿಲ್ಲಾಡಳಿತ, ಜಿಲ್ಲಾ ಪಂಚಾಯತ್ ಹಾಗೂ ಮಹಿಳಾ ಮತ್ತು ಮಕ್ಕಳ ಅಭಿವೃದ್ಧಿ ಇಲಾಖೆಯ ಸಂಯುಕ್ತಾಶ್ರಯದಲ್ಲಿ 2025-26ನೇ ಸಾಲಿನ ನೂತನವಾಗಿ ಆಯ್ಕೆಯಾದ ಅಂಗನವಾಡಿ ಕಾರ್ಯಕರ್ತೆಯರು ಮತ್ತು ಸಹಾಯಕಿಯರಿಗೆ ನೇಮಕಾತಿ ಆದೇಶ ಪತ್ರ ವಿತರಿಸಿ ಮಾತನಾಡಿದರು. ಈ ಬಾರಿಯ ನೇಮಕಾತಿ ಪ್ರಕ್ರಿಯೆಯನ್ನು ಪಾರದರ್ಶಕವಾಗಿ ಹಾಗೂ ಆನ್‌ಲೈನ್ ಮೂಲಕ ನಡೆಸಲಾಗಿದೆ. ಜಿಲ್ಲೆಯಾದ್ಯಂತ ಒಟ್ಟು 59 ಅಂಗನವಾಡಿ ಕಾರ್ಯಕರ್ತೆಯರು ಮತ್ತು 226 ಸಹಾಯಕಿಯರಿಗೆ ಆದೇಶ ಪತ್ರ ನೀಡಲಾಗಿದೆ ಎಂದರು.
ಸಚಿವರು ಮಾತನಾಡಿ, ಅಂಗನವಾಡಿ ಕೇಂದ್ರಗಳು ಮಕ್ಕಳ ಪೌಷ್ಟಿಕತೆ ಹಾಗೂ ಪೂರ್ವ ಪ್ರಾಥಮಿಕ ಶಿಕ್ಷಣದ ಮೂಲ ಕೇಂದ್ರಗಳು. ಗರ್ಭಿಣಿಯರು, ಬಾಣಂತಿಯರು ಹಾಗೂ ಮಕ್ಕಳ ಆರೋಗ್ಯ ರಕ್ಷಣೆಯಲ್ಲಿ ಕಾರ್ಯಕರ್ತೆಯರ ಪಾತ್ರ ಅತ್ಯಂತ ಮಹತ್ವದ್ದಾಗಿದೆ. ಸರ್ಕಾರದ ಸೌಲಭ್ಯಗಳನ್ನು ಅರ್ಹರಿಗೆ ತಲುಪಿಸುವಲ್ಲಿ ನಿಮ್ಮ ಪಾತ್ರ ಪ್ರಮುಖ. ಗೃಹಲಕ್ಷ್ಮಿ, ಮಾತೃವಂದನಾ ಸೇರಿದಂತೆ ಹಲವು ಯೋಜನೆಗಳನ್ನು ಜನರಿಗೆ ತಲುಪಿಸಲು ಶ್ರಮಿಸಬೇಕು. ಕಾರ್ಯಕ್ರಮದಲ್ಲಿ ಕೋಲಾರ ಶಾಸಕ ಡಾ. ಕೊತ್ತೂರು ಜಿ. ಮಂಜುನಾಥ್, ವಿಧಾನಪರಿಷತ್ ಸದಸ್ಯ ಎಂ.ಎಲ್. ಅನಿಲ್ ಕುಮಾರ್, ಜಿಲ್ಲಾಧಿಕಾರಿ, ಜಿಲ್ಲಾ ಪಂಚಾಯತ್ ಮುಖ್ಯ ಕಾರ್ಯನಿರ್ವಾಹಕ ಅಧಿಕಾರಿ ಹಾಗೂ ಇಲಾಖೆಯ ಅಧಿಕಾರಿಗಳು ಉಪಸ್ಥಿತರಿದ್ದರು.
ಕೋಲಾರ: ಜಿಲ್ಲಾಡಳಿತ, ಜಿಲ್ಲಾ ಪಂಚಾಯತ್, ಕೃಷಿ ಮಾರಾಟ ಇಲಾಖೆ, ಕೃಷಿ ಉತ್ಪನ್ನ ಮಾರುಕಟ್ಟೆ ಸಮಿತಿ, ಕೋಲಾರ ಇವರ ಸಂಯುಕ್ತಾಶ್ರಯದಲ್ಲಿ 2023-24ನೇ ಸಾಲಿನ ವಾರ್ಷಿಕ ಕ್ರಿಯಾ ಯೋಜನೆಯಡಿ ಮುಖ್ಯ ಮಾರುಕಟ್ಟೆ ಪ್ರಾಂಗಣದಲ್ಲಿ ತರಕಾರಿ ಶೆಡ್ಡುಗಳನ್ನು ನಿರ್ಮಿಸಲು ಗುದ್ದಲಿ ಪೂಜೆ ನೆರವೇರಿಸಲಾಯಿತು.
ತ್ರಿಚಕ್ರ ವಾಹನ ವಿತರಣೆ
ಕೋಲಾರ: ಜಿಲ್ಲಾಡಳಿತ, ಜಿಲ್ಲಾ ಪಂ, ಕಾರ್ಮಿಕ ಇಲಾಖೆ, ಕಾರ್ಖಾನೆಗಳು, ಬಾಯ್ಲರ್‌ಗಳು ಹಾಗೂ ಕೈಗಾರಿಕಾ ಸುರಕ್ಷತೆ ಮತ್ತು ಆರೋಗ್ಯ ಇಲಾಖೆ ವತಿಯಿಂದ ಹಮ್ಮಿಕೊಂಡಿದ್ದ ತ್ರಿಚಕ್ರ ವಾಹನ ವಿತರಣಾ ಕಾರ್ಯಕ್ರಮದಲ್ಲಿ ಸಚಿವರು ಫಲಾನುಭವಿಗಳಿಗೆ ಕೀ ಹಸ್ತಾಂತರಿಸಿದರು.
ಶ್ರೀ ಚನ್ನಯ್ಯ ರಂಗಮಂದಿರ
ಕೋಲಾರ: ಜಿಲ್ಲಾಡಳಿತ, ಜಿಲ್ಲಾ ಪಂಚಾಯತ್, ಕನ್ನಡ ಮತ್ತು ಸಂಸ್ಕೃತಿ ಇಲಾಖೆ ಕೋಲಾರ ಇವರ ಸಂಯುಕ್ತಾಶ್ರಯದಲ್ಲಿ ಶ್ರೀ ಚನ್ನಯ್ಯ ರಂಗಮಂದಿರದಲ್ಲಿ ಶ್ರೀ ಚನ್ನಯ್ಯ ಅವರ ಪುತ್ಥಳಿ ಅನಾವರಣವನ್ನು ಸಚಿವ ಬಿ.ಎಸ್. ಸುರೇಶ್ ನೆರವೇರಿಸಿದರು.
